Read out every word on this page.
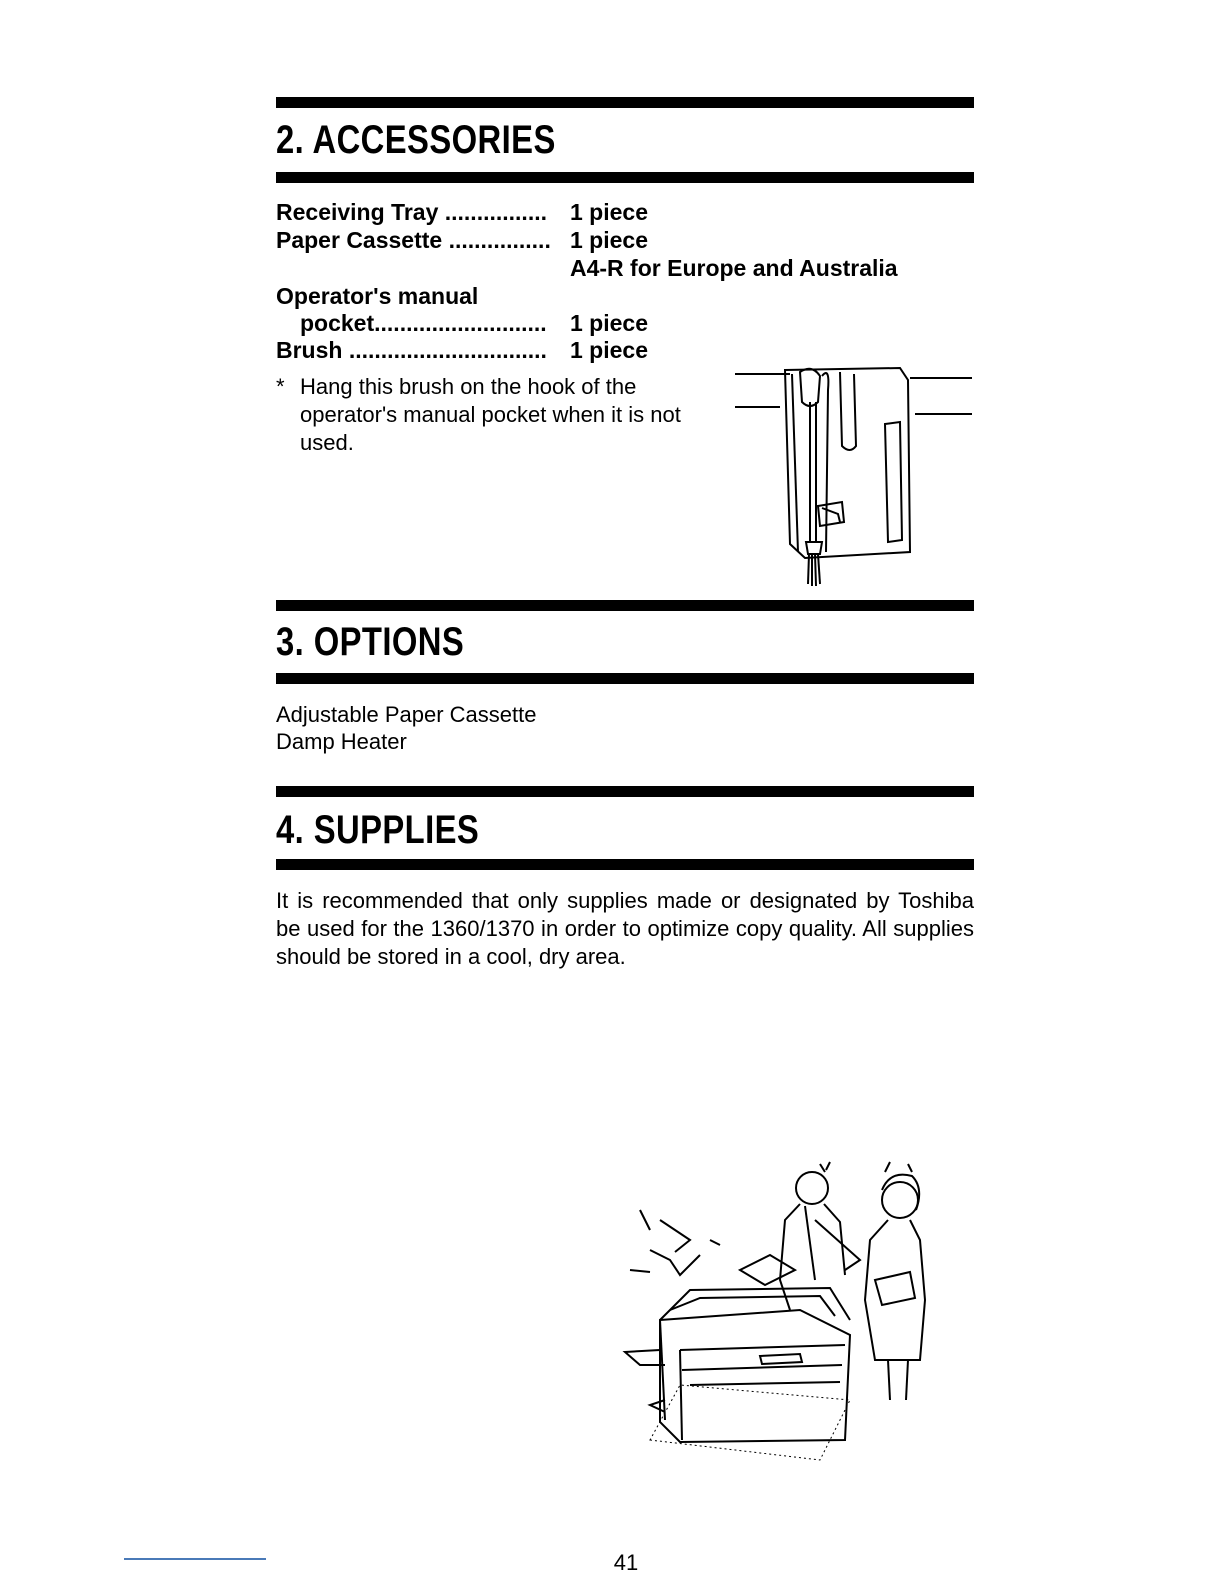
2. ACCESSORIES
Receiving Tray ................ 1 piece
Paper Cassette ................ 1 piece
A4-R for Europe and Australia
Operator's manual
pocket........................... 1 piece
Brush ............................... 1 piece
* Hang this brush on the hook of the operator's manual pocket when it is not used.
3. OPTIONS
Adjustable Paper Cassette
Damp Heater
4. SUPPLIES
It is recommended that only supplies made or designated by Toshiba be used for the 1360/1370 in order to optimize copy quality. All supplies should be stored in a cool, dry area.
41
